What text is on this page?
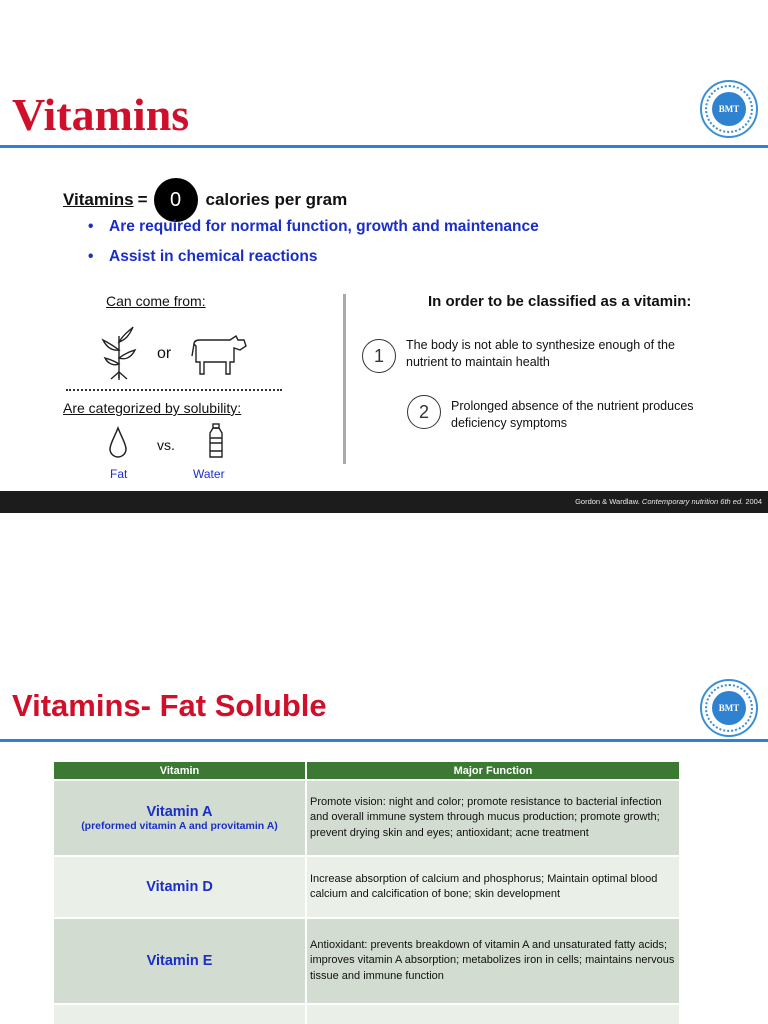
Vitamins	BMT
Vitamins =	0	calories per gram
• Are required for normal function, growth and maintenance
• Assist in chemical reactions
Can come from:
or
Are categorized by solubility:
vs.
Fat	Water
In order to be classified as a vitamin:
1
The body is not able to synthesize enough of the nutrient to maintain health
2	Prolonged absence of the nutrient produces deficiency symptoms
Gordon & Wardlaw. Contemporary nutrition 6th ed. 2004
Vitamins- Fat Soluble	BMT
Vitamin	Major Function
Vitamin A
(preformed vitamin A and provitamin A)	Promote vision: night and color; promote resistance to bacterial infection and overall immune system through mucus production; promote growth; prevent drying skin and eyes; antioxidant; acne treatment
Vitamin D	Increase absorption of calcium and phosphorus; Maintain optimal blood calcium and calcification of bone; skin development
Vitamin E	Antioxidant: prevents breakdown of vitamin A and unsaturated fatty acids; improves vitamin A absorption; metabolizes iron in cells; maintains nervous tissue and immune function
